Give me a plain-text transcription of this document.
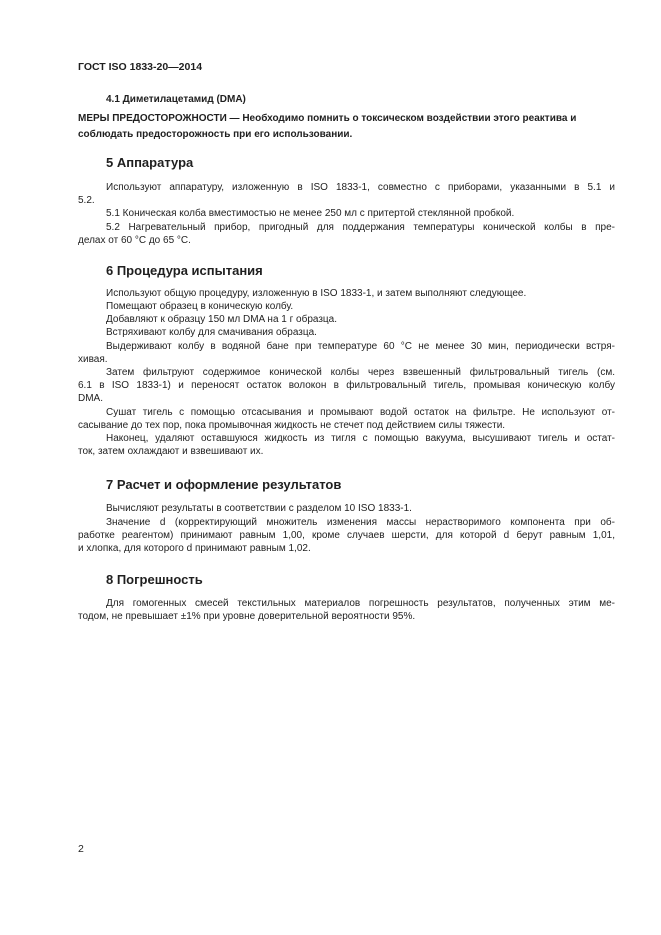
ГОСТ ISO 1833-20—2014
4.1 Диметилацетамид (DMA)
МЕРЫ ПРЕДОСТОРОЖНОСТИ — Необходимо помнить о токсическом воздействии этого реактива и соблюдать предосторожность при его использовании.
5 Аппаратура
Используют аппаратуру, изложенную в ISO 1833-1, совместно с приборами, указанными в 5.1 и
5.2.
5.1 Коническая колба вместимостью не менее 250 мл с притертой стеклянной пробкой.
5.2 Нагревательный прибор, пригодный для поддержания температуры конической колбы в пре-
делах от 60 °С до 65 °С.
6 Процедура испытания
Используют общую процедуру, изложенную в ISO 1833-1, и затем выполняют следующее.
Помещают образец в коническую колбу.
Добавляют к образцу 150 мл DMA на 1 г образца.
Встряхивают колбу для смачивания образца.
Выдерживают колбу в водяной бане при температуре 60 °С не менее 30 мин, периодически встря-
хивая.
Затем фильтруют содержимое конической колбы через взвешенный фильтровальный тигель (см.
6.1 в ISO 1833-1) и переносят остаток волокон в фильтровальный тигель, промывая коническую колбу
DMA.
Сушат тигель с помощью отсасывания и промывают водой остаток на фильтре. Не используют от-
сасывание до тех пор, пока промывочная жидкость не стечет под действием силы тяжести.
Наконец, удаляют оставшуюся жидкость из тигля с помощью вакуума, высушивают тигель и остат-
ток, затем охлаждают и взвешивают их.
7 Расчет и оформление результатов
Вычисляют результаты в соответствии с разделом 10 ISO 1833-1.
Значение d (корректирующий множитель изменения массы нерастворимого компонента при об-
работке реагентом) принимают равным 1,00, кроме случаев шерсти, для которой d берут равным 1,01,
и хлопка, для которого d принимают равным 1,02.
8 Погрешность
Для гомогенных смесей текстильных материалов погрешность результатов, полученных этим ме-
тодом, не превышает ±1% при уровне доверительной вероятности 95%.
2
